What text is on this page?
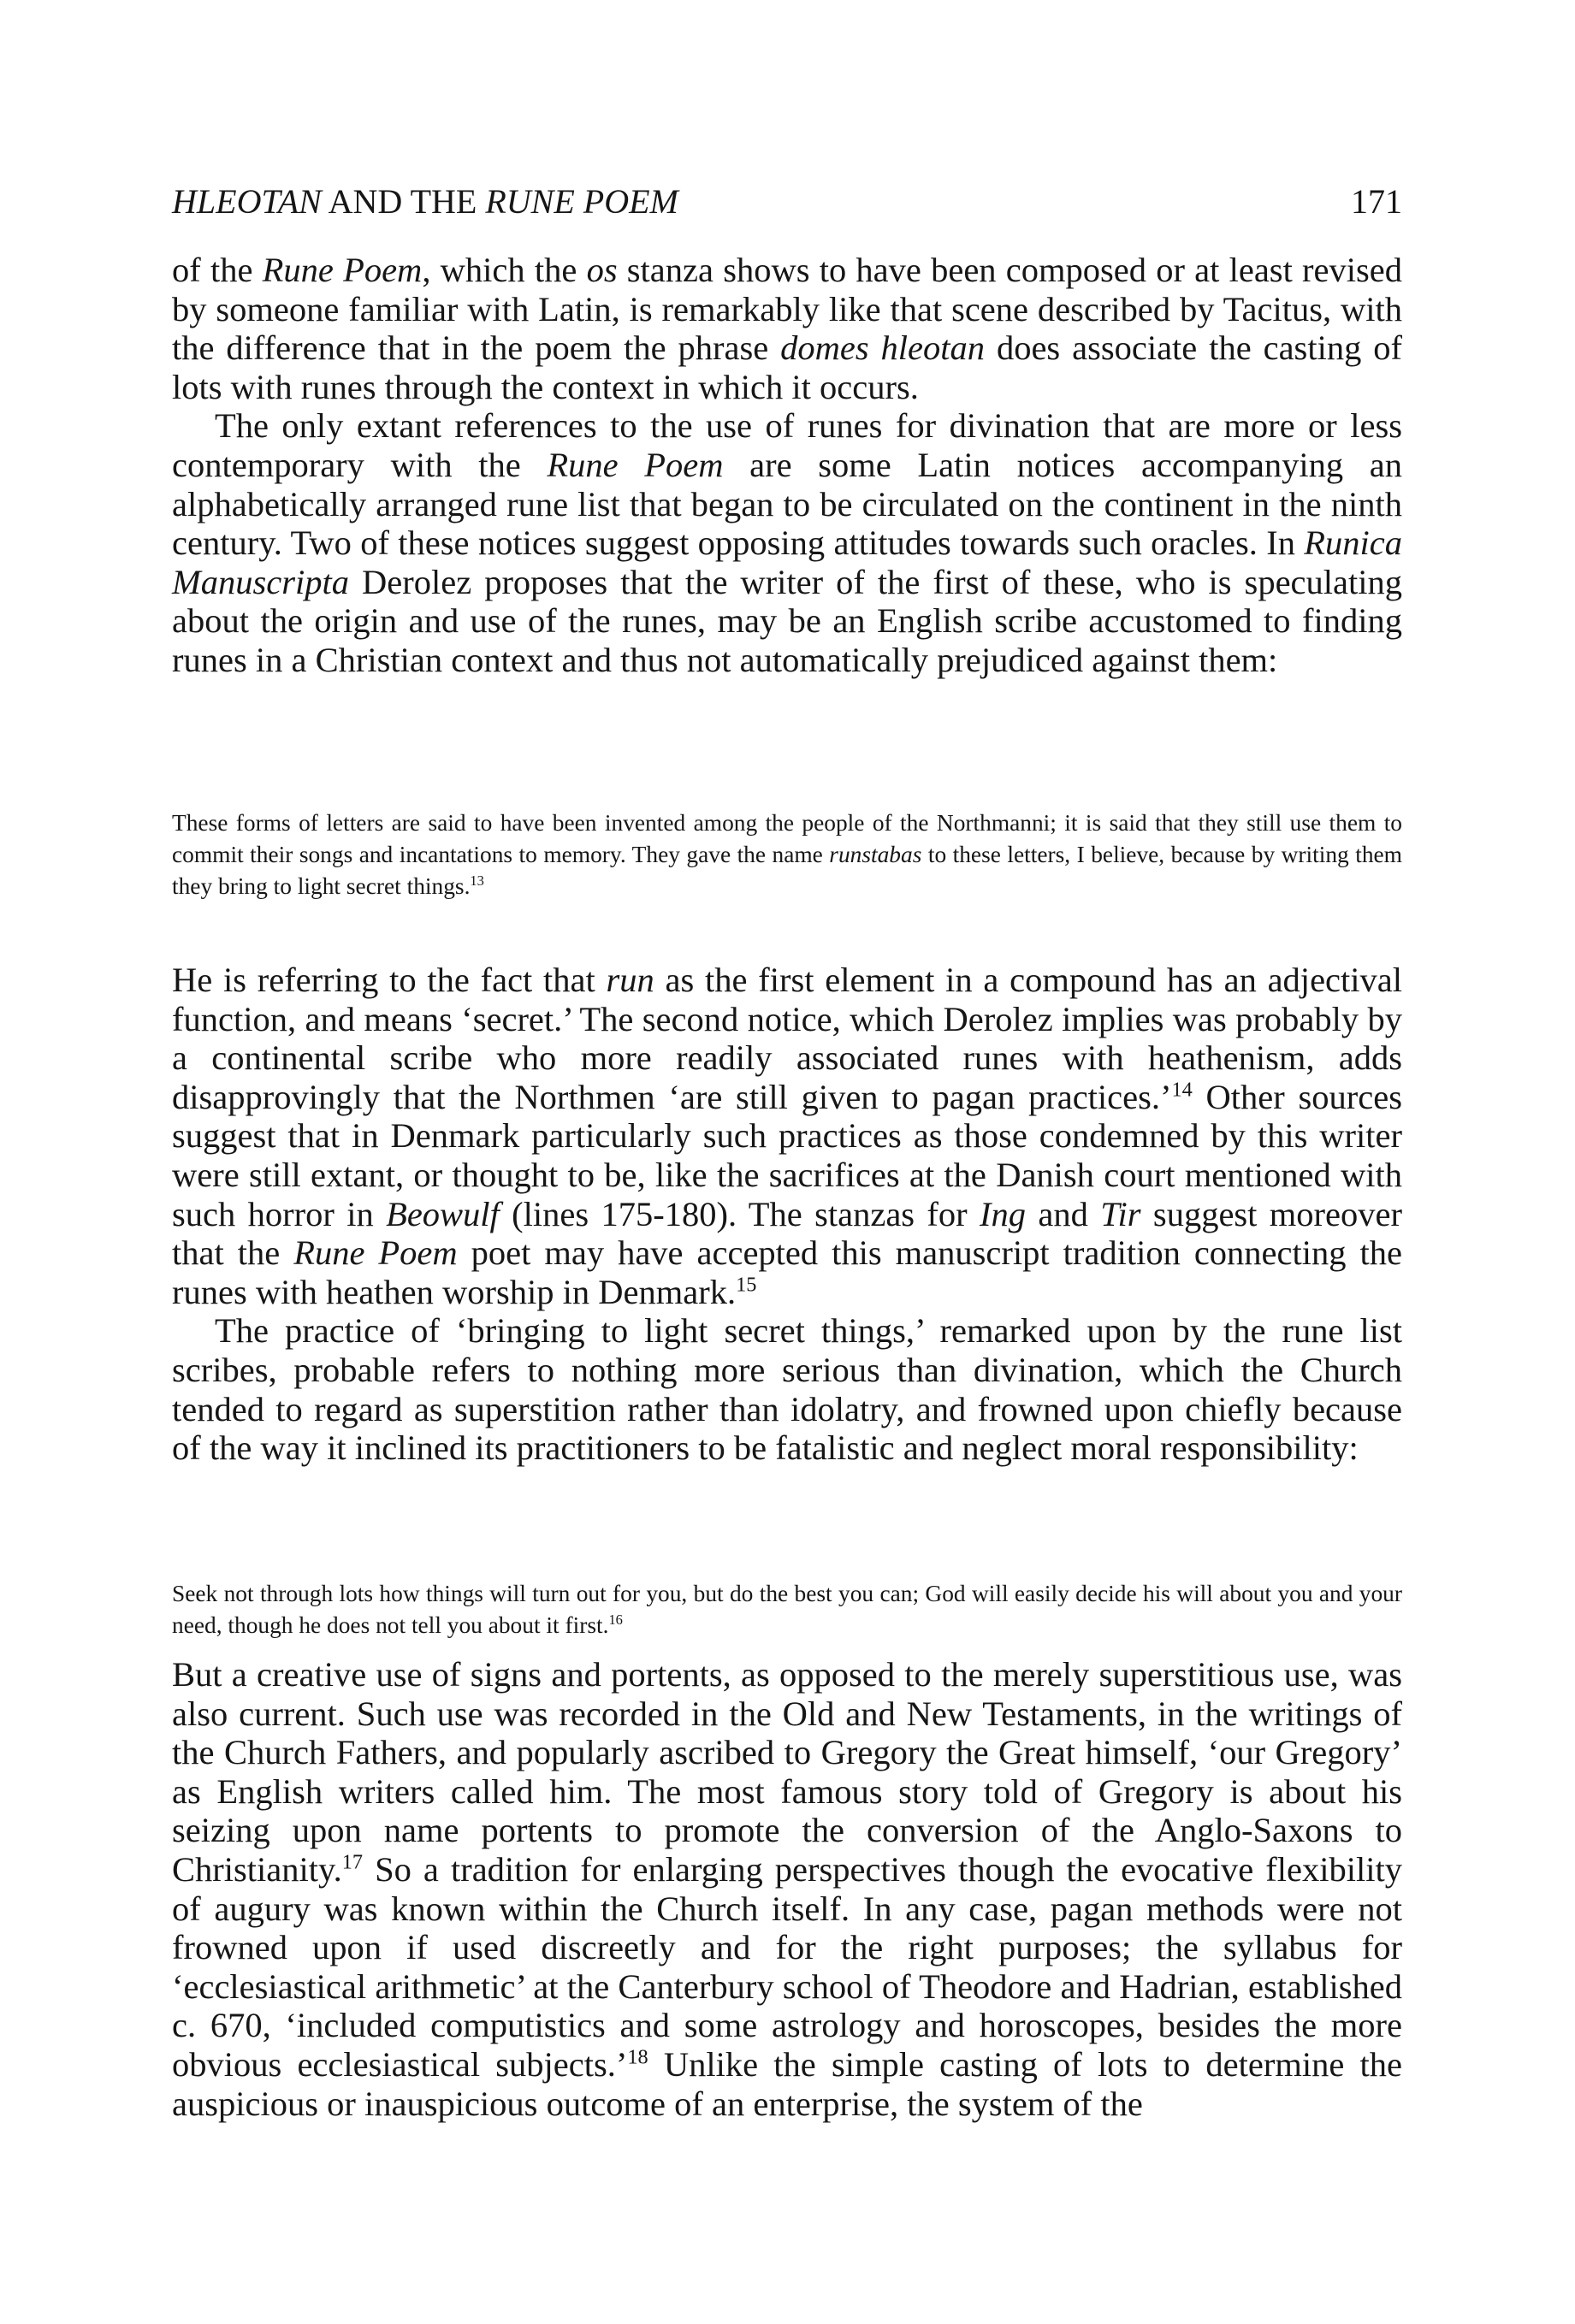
HLEOTAN AND THE RUNE POEM	171

of the Rune Poem, which the os stanza shows to have been composed or at least revised by someone familiar with Latin, is remarkably like that scene described by Tacitus, with the difference that in the poem the phrase domes hleotan does associate the casting of lots with runes through the context in which it occurs.

The only extant references to the use of runes for divination that are more or less contemporary with the Rune Poem are some Latin notices accompanying an alphabetically arranged rune list that began to be circulated on the continent in the ninth century. Two of these notices suggest opposing attitudes towards such oracles. In Runica Manuscripta Derolez proposes that the writer of the first of these, who is speculating about the origin and use of the runes, may be an English scribe accustomed to finding runes in a Christian context and thus not automatically prejudiced against them:

These forms of letters are said to have been invented among the people of the Northmanni; it is said that they still use them to commit their songs and incantations to memory. They gave the name runstabas to these letters, I believe, because by writing them they bring to light secret things.$^{13}$

He is referring to the fact that run as the first element in a compound has an adjectival function, and means ‘secret.’ The second notice, which Derolez implies was probably by a continental scribe who more readily associated runes with heathenism, adds disapprovingly that the Northmen ‘are still given to pagan practices.’$^{14}$ Other sources suggest that in Denmark particularly such practices as those condemned by this writer were still extant, or thought to be, like the sacrifices at the Danish court mentioned with such horror in Beowulf (lines 175-180). The stanzas for Ing and Tir suggest moreover that the Rune Poem poet may have accepted this manuscript tradition connecting the runes with heathen worship in Denmark.$^{15}$

The practice of ‘bringing to light secret things,’ remarked upon by the rune list scribes, probable refers to nothing more serious than divination, which the Church tended to regard as superstition rather than idolatry, and frowned upon chiefly because of the way it inclined its practitioners to be fatalistic and neglect moral responsibility:

Seek not through lots how things will turn out for you, but do the best you can; God will easily decide his will about you and your need, though he does not tell you about it first.$^{16}$

But a creative use of signs and portents, as opposed to the merely superstitious use, was also current. Such use was recorded in the Old and New Testaments, in the writings of the Church Fathers, and popularly ascribed to Gregory the Great himself, ‘our Gregory’ as English writers called him. The most famous story told of Gregory is about his seizing upon name portents to promote the conversion of the Anglo-Saxons to Christianity.$^{17}$ So a tradition for enlarging perspectives though the evocative flexibility of augury was known within the Church itself. In any case, pagan methods were not frowned upon if used discreetly and for the right purposes; the syllabus for ‘ecclesiastical arithmetic’ at the Canterbury school of Theodore and Hadrian, established c. 670, ‘included computistics and some astrology and horoscopes, besides the more obvious ecclesiastical subjects.’$^{18}$ Unlike the simple casting of lots to determine the auspicious or inauspicious outcome of an enterprise, the system of the
